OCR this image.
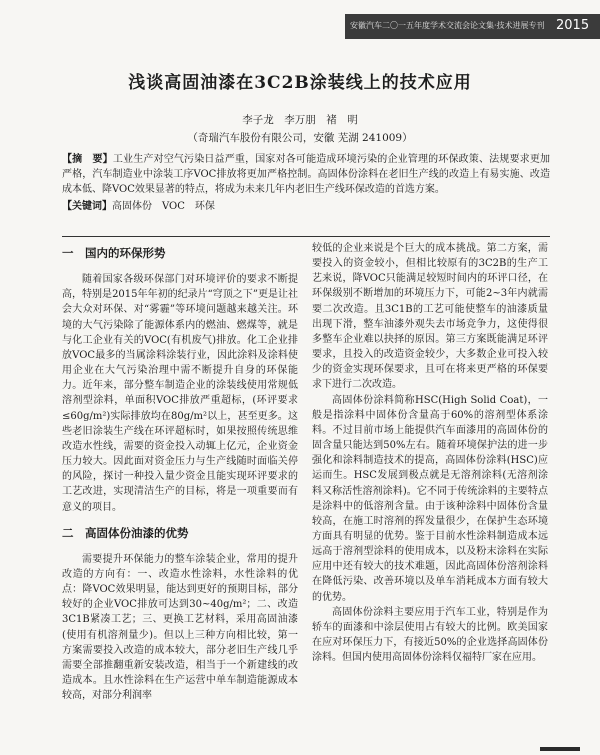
安徽汽车二〇一五年度学术交流会论文集·技术进展专刊 2015
浅谈高固油漆在3C2B涂装线上的技术应用
李子龙　李万朋　褚　明
（奇瑞汽车股份有限公司，安徽 芜湖 241009）
【摘　要】工业生产对空气污染日益严重，国家对各可能造成环境污染的企业管理的环保政策、法规要求更加严格，汽车制造业中涂装工序VOC排放将更加严格控制。高固体份涂料在老旧生产线的改造上有易实施、改造成本低、降VOC效果显著的特点，将成为未来几年内老旧生产线环保改造的首选方案。
【关键词】高固体份　VOC　环保
一　国内的环保形势

随着国家各级环保部门对环境评价的要求不断提高，特别是2015年年初的纪录片“穹顶之下”更是让社会大众对环保、对“雾霾”等环境问题越来越关注。环境的大气污染除了能源体系内的燃油、燃煤等，就是与化工企业有关的VOC(有机废气)排放。化工企业排放VOC最多的当属涂料涂装行业，因此涂料及涂料使用企业在大气污染治理中需不断提升自身的环保能力。近年来，部分整车制造企业的涂装线使用常规低溶剂型涂料，单面积VOC排放严重超标，(环评要求≤60g/m²)实际排放均在80g/m²以上，甚至更多。这些老旧涂装生产线在环评超标时，如果按照传统思维改造水性线，需要的资金投入动辄上亿元，企业资金压力较大。因此面对资金压力与生产线随时面临关停的风险，探讨一种投入量少资金且能实现环评要求的工艺改进，实现清洁生产的目标，将是一项重要而有意义的项目。

二　高固体份油漆的优势

需要提升环保能力的整车涂装企业，常用的提升改造的方向有：一、改造水性涂料，水性涂料的优点：降VOC效果明显，能达到更好的预期目标，部分较好的企业VOC排放可达到30~40g/m²；二、改造3C1B紧凑工艺；三、更换工艺材料，采用高固油漆(使用有机溶剂量少)。但以上三种方向相比较，第一方案需要投入改造的成本较大，部分老旧生产线几乎需要全部推翻重新安装改造，相当于一个新建线的改造成本。且水性涂料在生产运营中单车制造能源成本较高，对部分利润率

较低的企业来说是个巨大的成本挑战。第二方案，需要投入的资金较小，但相比较原有的3C2B的生产工艺来说，降VOC只能满足较短时间内的环评口径，在环保级别不断增加的环境压力下，可能2~3年内就需要二次改造。且3C1B的工艺可能使整车的油漆质量出现下滑，整车油漆外观失去市场竞争力，这使得很多整车企业难以抉择的原因。第三方案既能满足环评要求，且投入的改造资金较少，大多数企业可投入较少的资金实现环保要求，且可在将来更严格的环保要求下进行二次改造。

高固体份涂料简称HSC(High Solid Coat)，一般是指涂料中固体份含量高于60%的溶剂型体系涂料。不过目前市场上能提供汽车面漆用的高固体份的固含量只能达到50%左右。随着环境保护法的进一步强化和涂料制造技术的提高，高固体份涂料(HSC)应运而生。HSC发展到极点就是无溶剂涂料(无溶剂涂料又称活性溶剂涂料)。它不同于传统涂料的主要特点是涂料中的低溶剂含量。由于该种涂料中固体份含量较高，在施工时溶剂的挥发量很少，在保护生态环境方面具有明显的优势。鉴于目前水性涂料制造成本远远高于溶剂型涂料的使用成本，以及粉末涂料在实际应用中还有较大的技术难题，因此高固体份溶剂涂料在降低污染、改善环境以及单车消耗成本方面有较大的优势。

高固体份涂料主要应用于汽车工业，特别是作为轿车的面漆和中涂层使用占有较大的比例。欧美国家在应对环保压力下，有接近50%的企业选择高固体份涂料。但国内使用高固体份涂料仅福特厂家在应用。
